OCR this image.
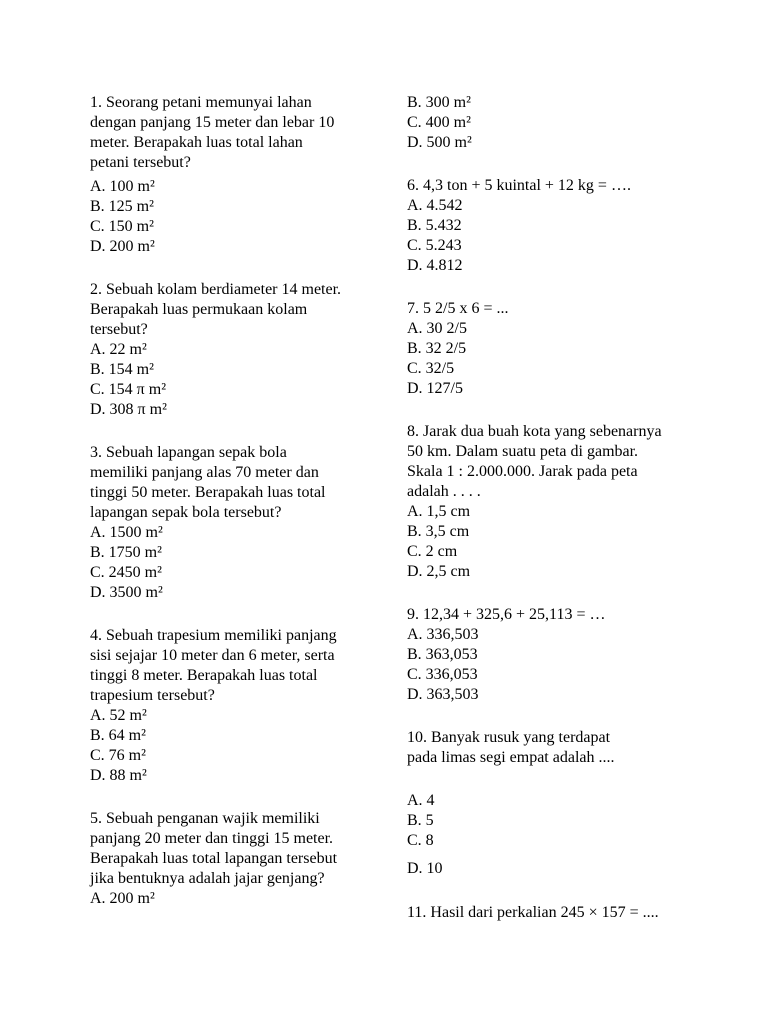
1. Seorang petani memunyai lahan
dengan panjang 15 meter dan lebar 10
meter. Berapakah luas total lahan
petani tersebut?
A. 100 m²
B. 125 m²
C. 150 m²
D. 200 m²
2. Sebuah kolam berdiameter 14 meter.
Berapakah luas permukaan kolam
tersebut?
A. 22 m²
B. 154 m²
C. 154 π m²
D. 308 π m²
3. Sebuah lapangan sepak bola
memiliki panjang alas 70 meter dan
tinggi 50 meter. Berapakah luas total
lapangan sepak bola tersebut?
A. 1500 m²
B. 1750 m²
C. 2450 m²
D. 3500 m²
4. Sebuah trapesium memiliki panjang
sisi sejajar 10 meter dan 6 meter, serta
tinggi 8 meter. Berapakah luas total
trapesium tersebut?
A. 52 m²
B. 64 m²
C. 76 m²
D. 88 m²
5. Sebuah penganan wajik memiliki
panjang 20 meter dan tinggi 15 meter.
Berapakah luas total lapangan tersebut
jika bentuknya adalah jajar genjang?
A. 200 m²
B. 300 m²
C. 400 m²
D. 500 m²
6. 4,3 ton + 5 kuintal + 12 kg = ….
A. 4.542
B. 5.432
C. 5.243
D. 4.812
7. 5 2/5 x 6 = ...
A. 30 2/5
B. 32 2/5
C. 32/5
D. 127/5
8. Jarak dua buah kota yang sebenarnya
50 km. Dalam suatu peta di gambar.
Skala 1 : 2.000.000. Jarak pada peta
adalah . . . .
A. 1,5 cm
B. 3,5 cm
C. 2 cm
D. 2,5 cm
9. 12,34 + 325,6 + 25,113 = …
A. 336,503
B. 363,053
C. 336,053
D. 363,503
10. Banyak rusuk yang terdapat
pada limas segi empat adalah ....
A. 4
B. 5
C. 8
D. 10
11. Hasil dari perkalian 245 × 157 = ....
